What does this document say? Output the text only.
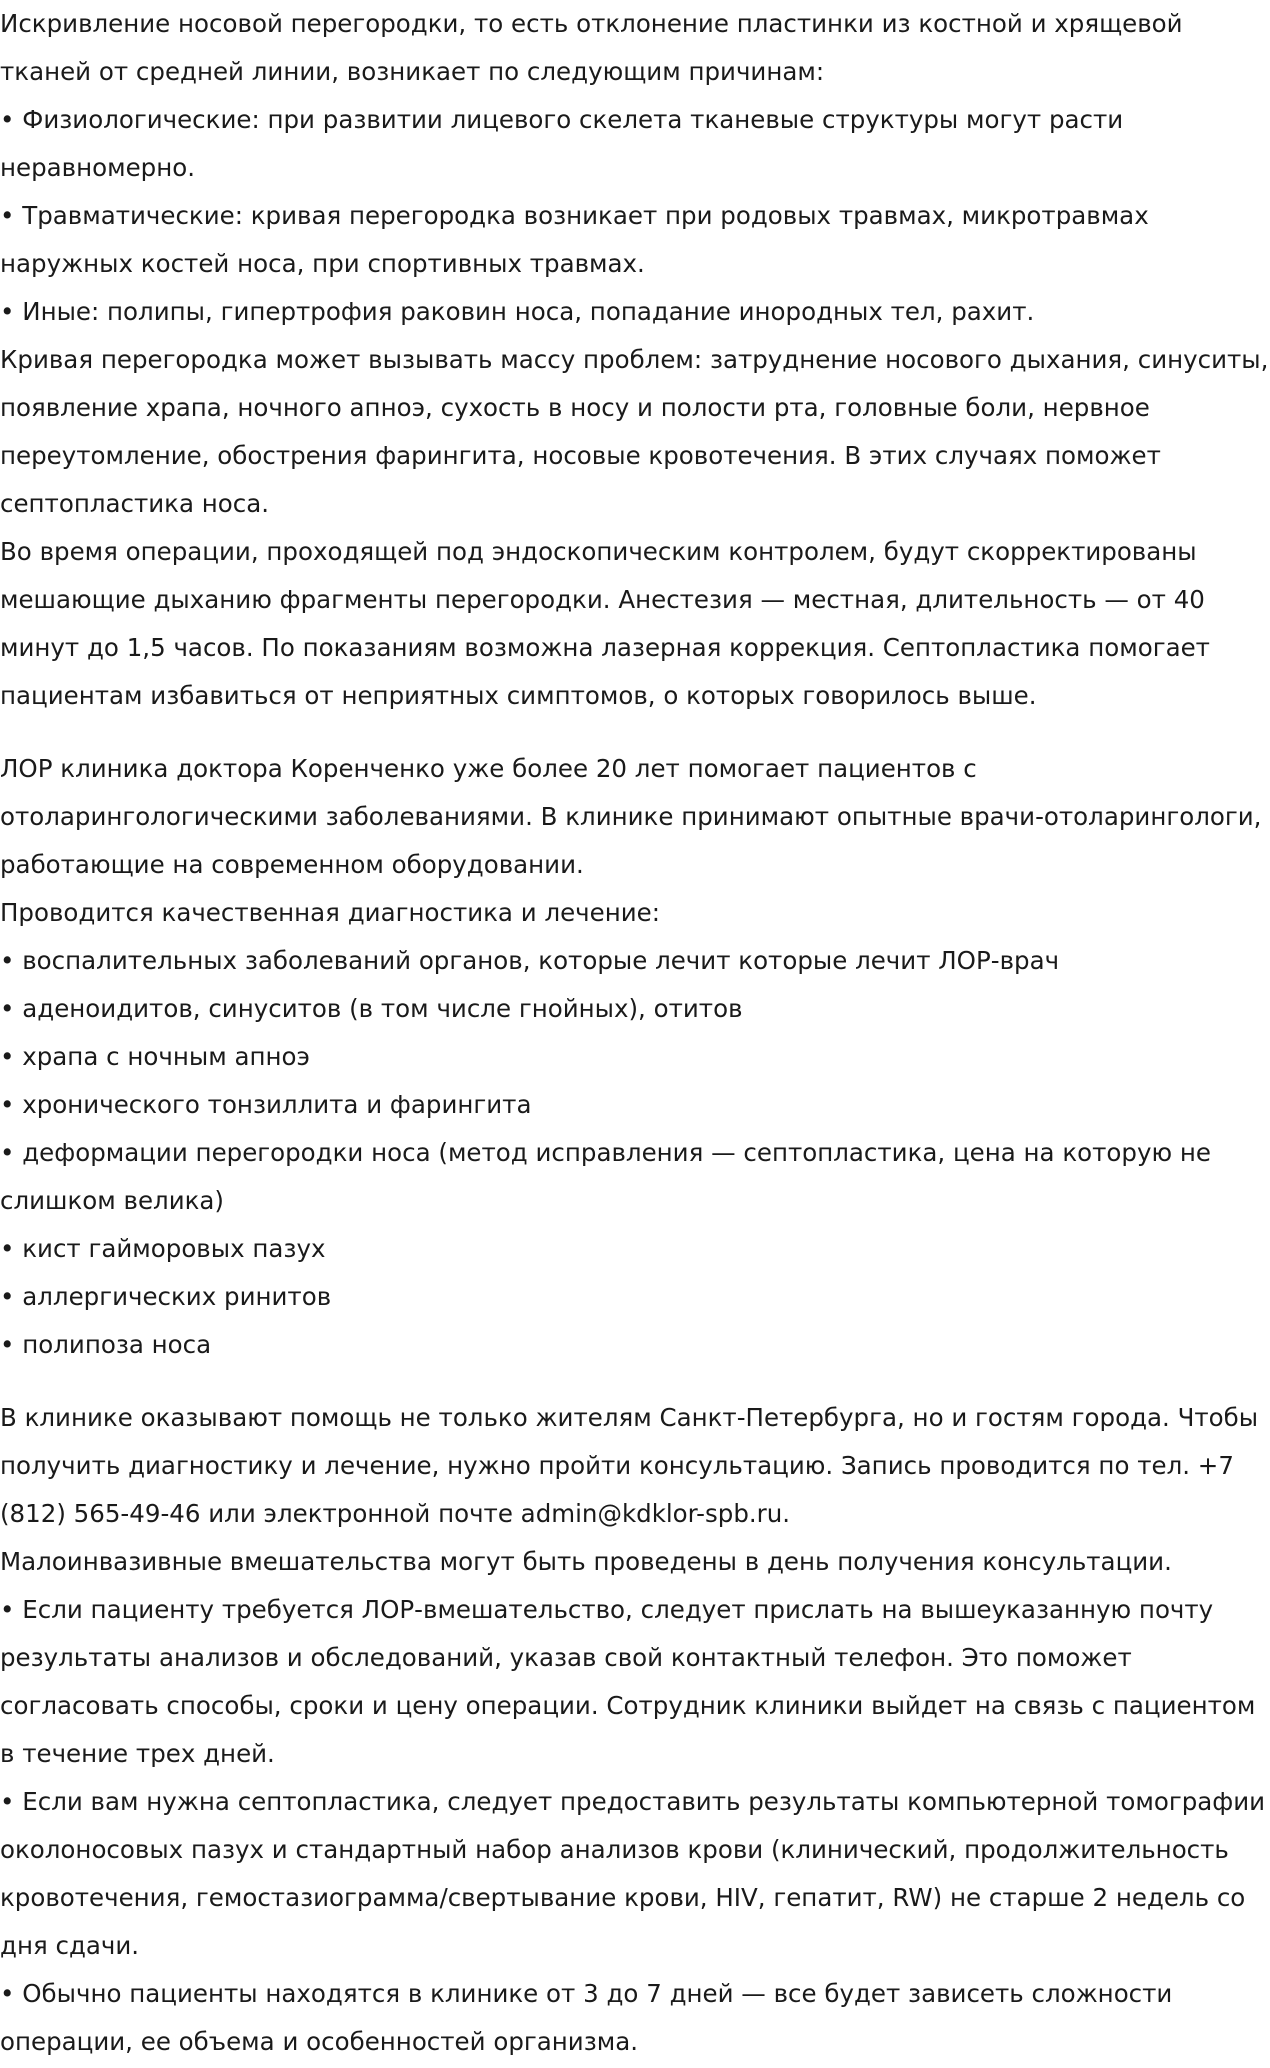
Искривление носовой перегородки, то есть отклонение пластинки из костной и хрящевой тканей от средней линии, возникает по следующим причинам:

• Физиологические: при развитии лицевого скелета тканевые структуры могут расти неравномерно.

• Травматические: кривая перегородка возникает при родовых травмах, микротравмах наружных костей носа, при спортивных травмах.

• Иные: полипы, гипертрофия раковин носа, попадание инородных тел, рахит.

Кривая перегородка может вызывать массу проблем: затруднение носового дыхания, синуситы, появление храпа, ночного апноэ, сухость в носу и полости рта, головные боли, нервное переутомление, обострения фарингита, носовые кровотечения. В этих случаях поможет септопластика носа.

Во время операции, проходящей под эндоскопическим контролем, будут скорректированы мешающие дыханию фрагменты перегородки. Анестезия — местная, длительность — от 40 минут до 1,5 часов. По показаниям возможна лазерная коррекция. Септопластика помогает пациентам избавиться от неприятных симптомов, о которых говорилось выше.

ЛОР клиника доктора Коренченко уже более 20 лет помогает пациентов с отоларингологическими заболеваниями. В клинике принимают опытные врачи-отоларингологи, работающие на современном оборудовании.

Проводится качественная диагностика и лечение:

• воспалительных заболеваний органов, которые лечит которые лечит ЛОР-врач

• аденоидитов, синуситов (в том числе гнойных), отитов

• храпа с ночным апноэ

• хронического тонзиллита и фарингита

• деформации перегородки носа (метод исправления — септопластика, цена на которую не слишком велика)

• кист гайморовых пазух

• аллергических ринитов

• полипоза носа

В клинике оказывают помощь не только жителям Санкт-Петербурга, но и гостям города. Чтобы получить диагностику и лечение, нужно пройти консультацию. Запись проводится по тел. +7 (812) 565-49-46 или электронной почте admin@kdklor-spb.ru.

Малоинвазивные вмешательства могут быть проведены в день получения консультации.

• Если пациенту требуется ЛОР-вмешательство, следует прислать на вышеуказанную почту результаты анализов и обследований, указав свой контактный телефон. Это поможет согласовать способы, сроки и цену операции. Сотрудник клиники выйдет на связь с пациентом в течение трех дней.

• Если вам нужна септопластика, следует предоставить результаты компьютерной томографии околоносовых пазух и стандартный набор анализов крови (клинический, продолжительность кровотечения, гемостазиограмма/свертывание крови, HIV, гепатит, RW) не старше 2 недель со дня сдачи.

• Обычно пациенты находятся в клинике от 3 до 7 дней — все будет зависеть сложности операции, ее объема и особенностей организма.
